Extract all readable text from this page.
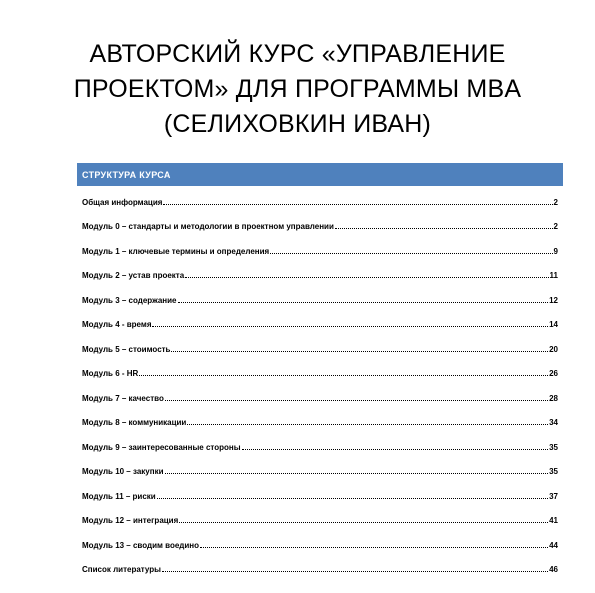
АВТОРСКИЙ КУРС «УПРАВЛЕНИЕ
ПРОЕКТОМ» ДЛЯ ПРОГРАММЫ MBA
(СЕЛИХОВКИН ИВАН)
СТРУКТУРА КУРСА
Общая информация	2
Модуль 0 – стандарты и методологии в проектном управлении	2
Модуль 1 – ключевые термины и определения	9
Модуль 2 – устав проекта	11
Модуль 3 – содержание	12
Модуль 4 - время	14
Модуль 5 – стоимость	20
Модуль 6 - HR	26
Модуль 7 – качество	28
Модуль 8 – коммуникации	34
Модуль 9 – заинтересованные стороны	35
Модуль 10 – закупки	35
Модуль 11 – риски	37
Модуль 12 – интеграция	41
Модуль 13 – сводим воедино	44
Список литературы	46
